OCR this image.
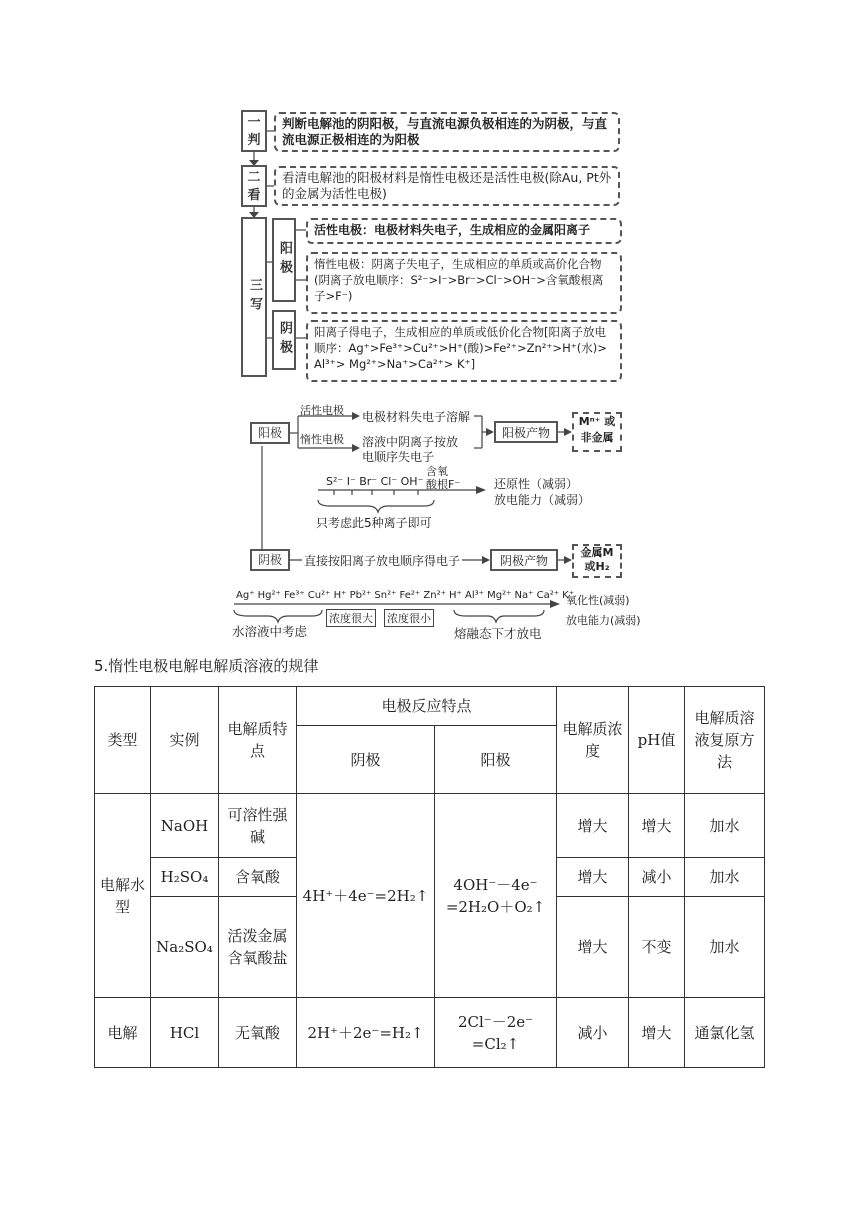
一
判
判断电解池的阴阳极，与直流电源负极相连的为阴极，与直流电源正极相连的为阳极
二
看
看清电解池的阳极材料是惰性电极还是活性电极(除Au, Pt外的金属为活性电极)
三写
阳极
阴极
活性电极：电极材料失电子，生成相应的金属阳离子
惰性电极：阴离子失电子，生成相应的单质或高价化合物(阴离子放电顺序：S²⁻>I⁻>Br⁻>Cl⁻>OH⁻>含氧酸根离子>F⁻)
阳离子得电子，生成相应的单质或低价化合物[阳离子放电顺序：Ag⁺>Fe³⁺>Cu²⁺>H⁺(酸)>Fe²⁺>Zn²⁺>H⁺(水)> Al³⁺> Mg²⁺>Na⁺>Ca²⁺> K⁺]
阳极
活性电极
惰性电极
电极材料失电子溶解
溶液中阴离子按放
电顺序失电子
阳极产物
Mⁿ⁺ 或
非金属
S²⁻ I⁻ Br⁻ Cl⁻ OH⁻
含氧
酸根F⁻	还原性（减弱）
放电能力（减弱）
只考虑此5种离子即可
阴极	直接按阳离子放电顺序得电子	阴极产物
金属M
或H₂
Ag⁺ Hg²⁺ Fe³⁺ Cu²⁺ H⁺ Pb²⁺ Sn²⁺ Fe²⁺ Zn²⁺ H⁺ Al³⁺ Mg²⁺ Na⁺ Ca²⁺ K⁺
氧化性(减弱)
放电能力(减弱)
浓度很大 浓度很小
水溶液中考虑	熔融态下才放电
5.惰性电极电解电解质溶液的规律
类型	实例	电解质特点	电极反应特点		电解质浓度	pH值	电解质溶液复原方法
			阴极	阳极			
电解水型	NaOH	可溶性强碱	4H⁺＋4e⁻=2H₂↑	4OH⁻－4e⁻
=2H₂O＋O₂↑	增大	增大	加水
	H₂SO₄	含氧酸			增大	减小	加水
	Na₂SO₄	活泼金属含氧酸盐			增大	不变	加水
电解	HCl	无氧酸	2H⁺＋2e⁻=H₂↑	2Cl⁻－2e⁻
=Cl₂↑	减小	增大	通氯化氢
